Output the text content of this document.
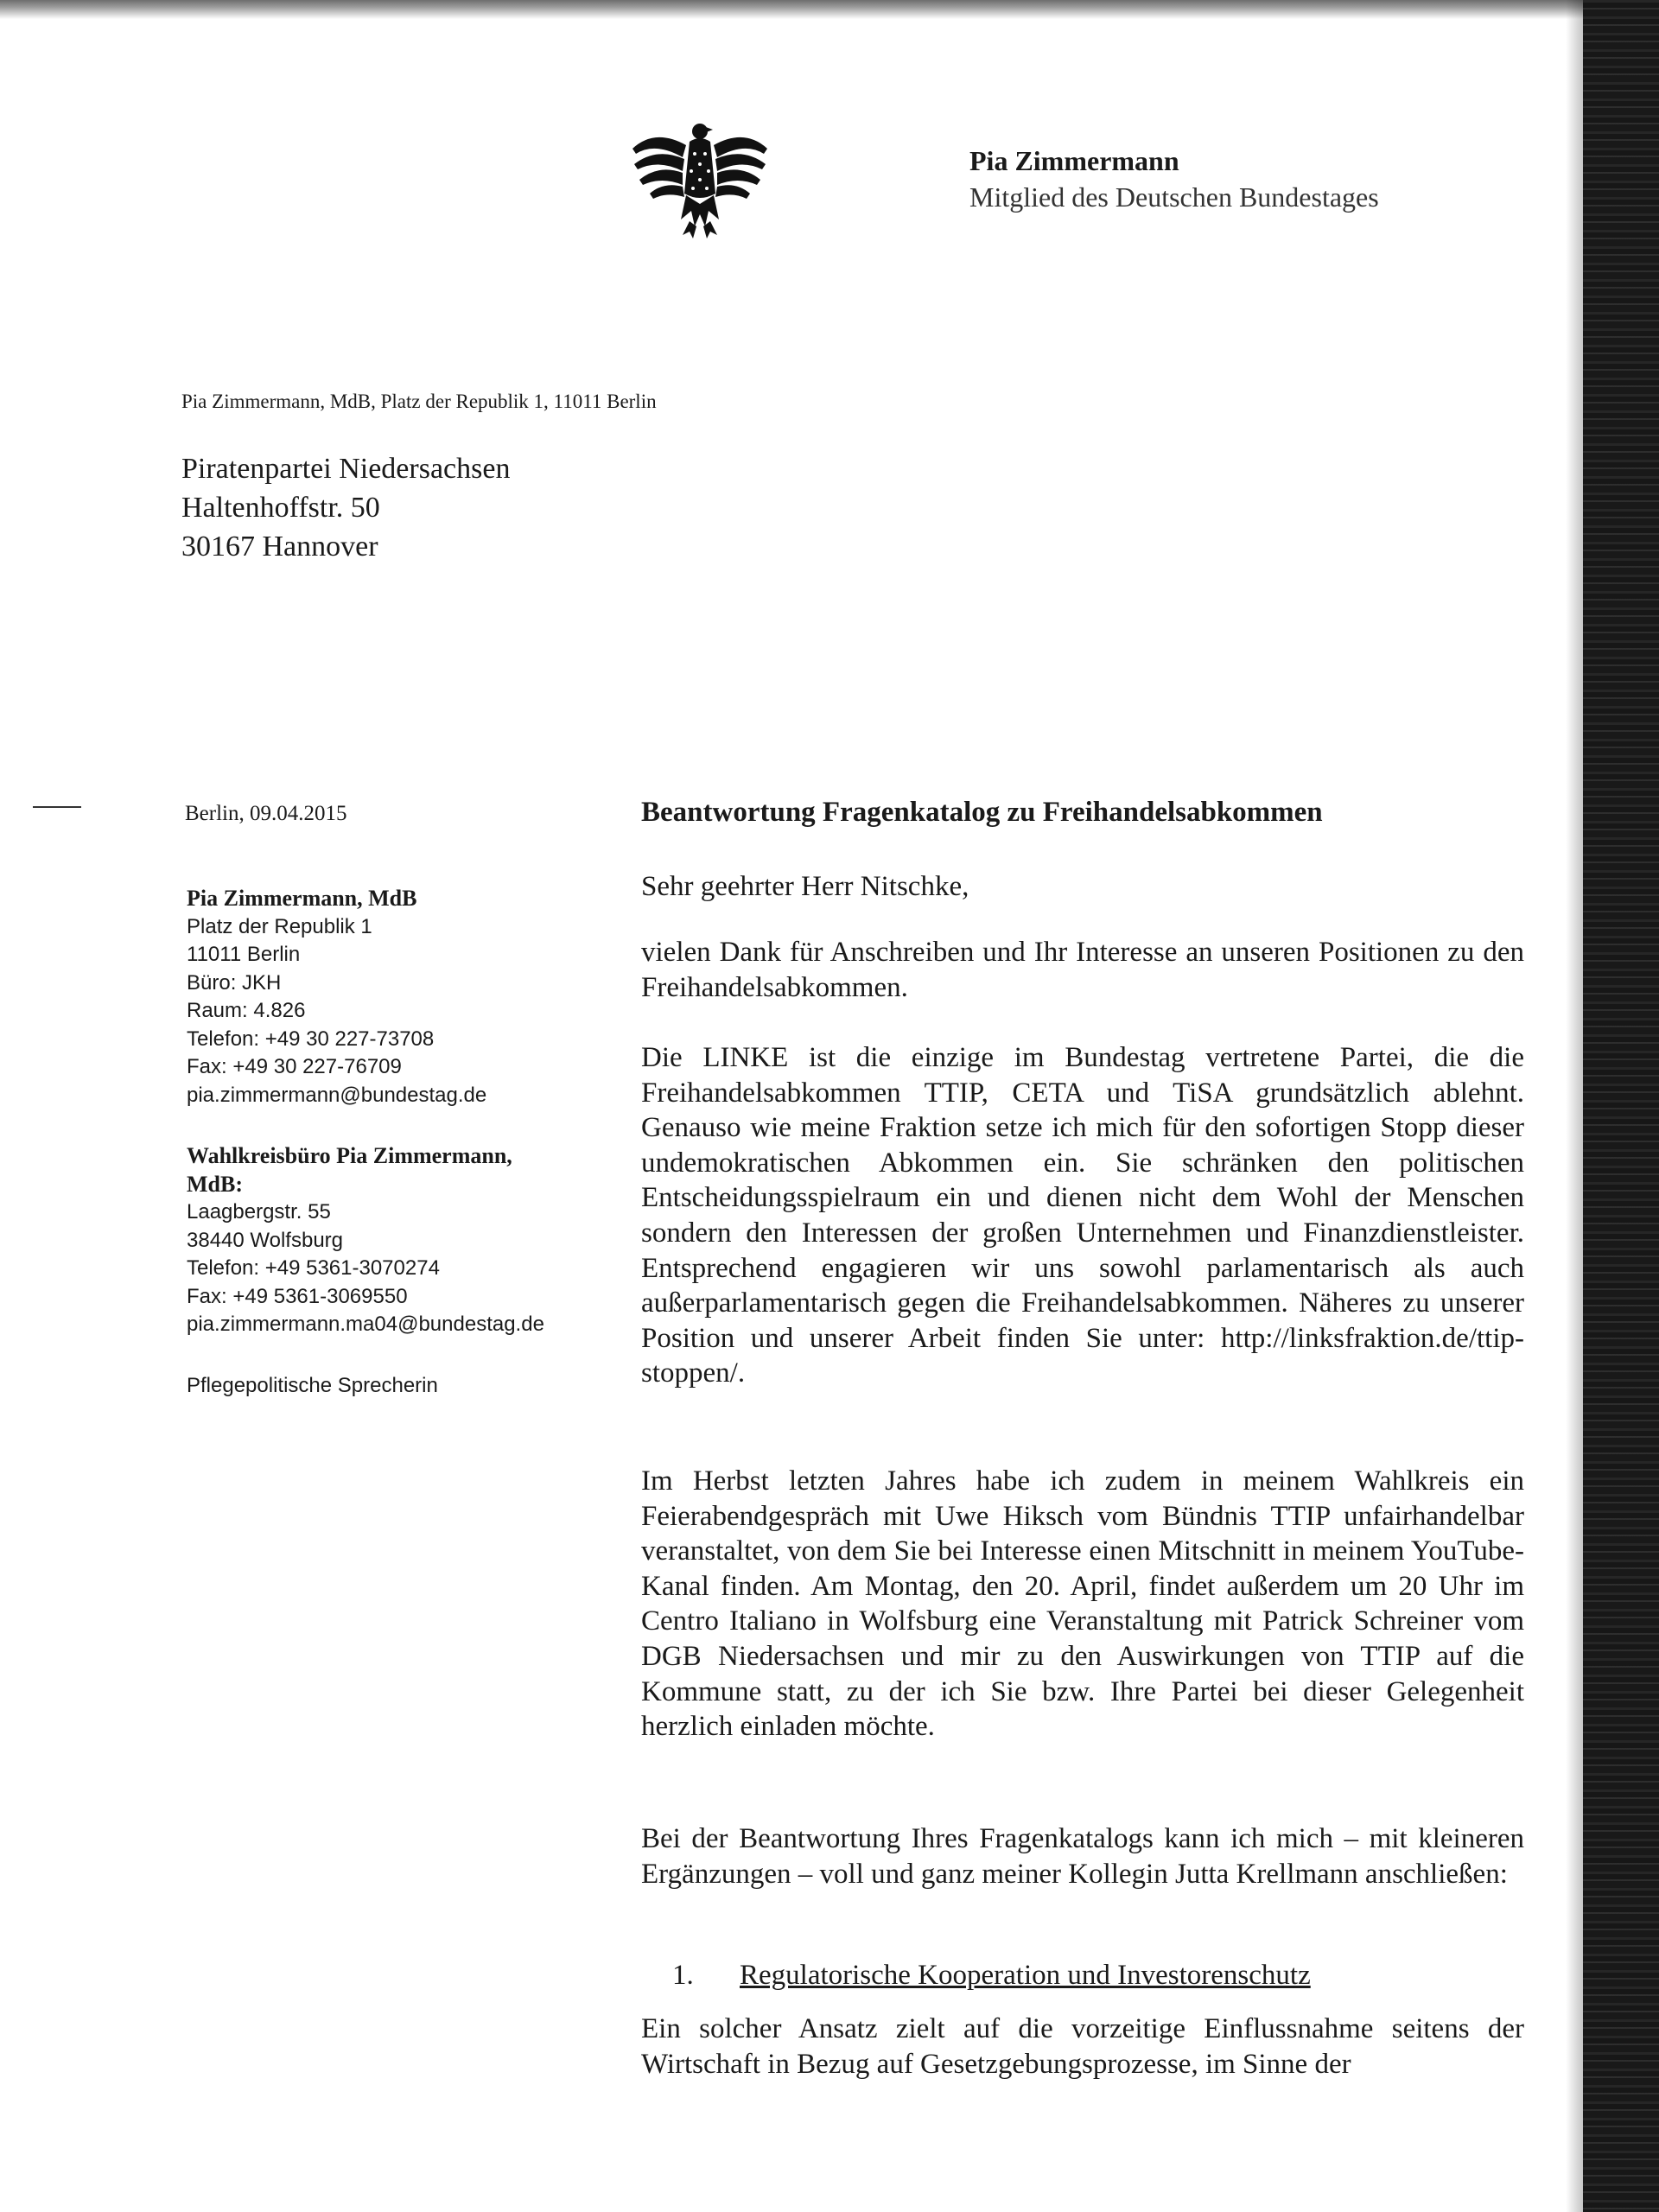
Pia Zimmermann
Mitglied des Deutschen Bundestages
Pia Zimmermann, MdB, Platz der Republik 1, 11011 Berlin
Piratenpartei Niedersachsen
Haltenhoffstr. 50
30167 Hannover
Berlin, 09.04.2015
Pia Zimmermann, MdB
Platz der Republik 1
11011 Berlin
Büro: JKH
Raum: 4.826
Telefon: +49 30 227-73708
Fax: +49 30 227-76709
pia.zimmermann@bundestag.de
Wahlkreisbüro Pia Zimmermann,
MdB:
Laagbergstr. 55
38440 Wolfsburg
Telefon: +49 5361-3070274
Fax: +49 5361-3069550
pia.zimmermann.ma04@bundestag.de
Pflegepolitische Sprecherin
Beantwortung Fragenkatalog zu Freihandelsabkommen
Sehr geehrter Herr Nitschke,

vielen Dank für Anschreiben und Ihr Interesse an unseren Positionen zu den Freihandelsabkommen.

Die LINKE ist die einzige im Bundestag vertretene Partei, die die Freihandelsabkommen TTIP, CETA und TiSA grundsätzlich ablehnt. Genauso wie meine Fraktion setze ich mich für den sofortigen Stopp dieser undemokratischen Abkommen ein. Sie schränken den politischen Entscheidungsspielraum ein und dienen nicht dem Wohl der Menschen sondern den Interessen der großen Unternehmen und Finanzdienstleister. Entsprechend engagieren wir uns sowohl parlamentarisch als auch außerparlamentarisch gegen die Freihandelsabkommen. Näheres zu unserer Position und unserer Arbeit finden Sie unter: http://linksfraktion.de/ttip-stoppen/.

Im Herbst letzten Jahres habe ich zudem in meinem Wahlkreis ein Feierabendgespräch mit Uwe Hiksch vom Bündnis TTIP unfairhandelbar veranstaltet, von dem Sie bei Interesse einen Mitschnitt in meinem YouTube-Kanal finden. Am Montag, den 20. April, findet außerdem um 20 Uhr im Centro Italiano in Wolfsburg eine Veranstaltung mit Patrick Schreiner vom DGB Niedersachsen und mir zu den Auswirkungen von TTIP auf die Kommune statt, zu der ich Sie bzw. Ihre Partei bei dieser Gelegenheit herzlich einladen möchte.

Bei der Beantwortung Ihres Fragenkatalogs kann ich mich – mit kleineren Ergänzungen – voll und ganz meiner Kollegin Jutta Krellmann anschließen:

1. Regulatorische Kooperation und Investorenschutz

Ein solcher Ansatz zielt auf die vorzeitige Einflussnahme seitens der Wirtschaft in Bezug auf Gesetzgebungsprozesse, im Sinne der
